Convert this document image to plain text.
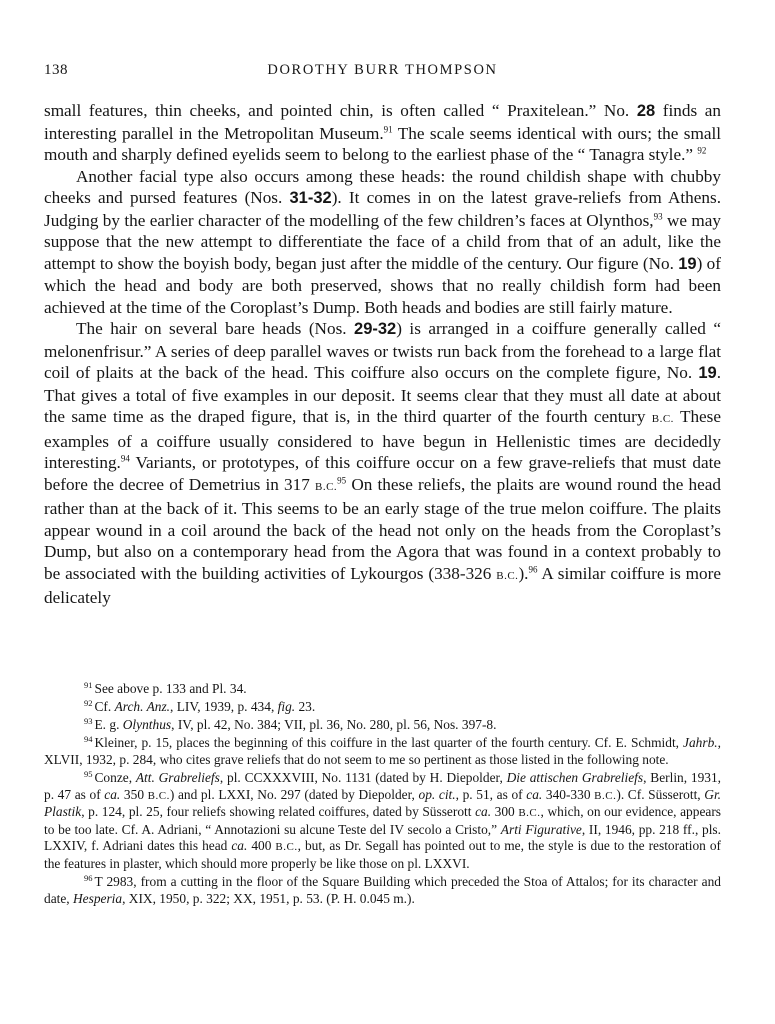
138	DOROTHY BURR THOMPSON

small features, thin cheeks, and pointed chin, is often called “ Praxitelean.” No. 28 finds an interesting parallel in the Metropolitan Museum.$^{91}$ The scale seems identical with ours; the small mouth and sharply defined eyelids seem to belong to the earliest phase of the “ Tanagra style.” $^{92}$

Another facial type also occurs among these heads: the round childish shape with chubby cheeks and pursed features (Nos. 31-32). It comes in on the latest grave-reliefs from Athens. Judging by the earlier character of the modelling of the few children’s faces at Olynthos,$^{93}$ we may suppose that the new attempt to differentiate the face of a child from that of an adult, like the attempt to show the boyish body, began just after the middle of the century. Our figure (No. 19) of which the head and body are both preserved, shows that no really childish form had been achieved at the time of the Coroplast’s Dump. Both heads and bodies are still fairly mature.

The hair on several bare heads (Nos. 29-32) is arranged in a coiffure generally called “ melonenfrisur.” A series of deep parallel waves or twists run back from the forehead to a large flat coil of plaits at the back of the head. This coiffure also occurs on the complete figure, No. 19. That gives a total of five examples in our deposit. It seems clear that they must all date at about the same time as the draped figure, that is, in the third quarter of the fourth century B.C. These examples of a coiffure usually considered to have begun in Hellenistic times are decidedly interesting.$^{94}$ Variants, or prototypes, of this coiffure occur on a few grave-reliefs that must date before the decree of Demetrius in 317 B.C.$^{95}$ On these reliefs, the plaits are wound round the head rather than at the back of it. This seems to be an early stage of the true melon coiffure. The plaits appear wound in a coil around the back of the head not only on the heads from the Coroplast’s Dump, but also on a contemporary head from the Agora that was found in a context probably to be associated with the building activities of Lykourgos (338-326 B.C.).$^{96}$ A similar coiffure is more delicately

$^{91}$ See above p. 133 and Pl. 34.

$^{92}$ Cf. Arch. Anz., LIV, 1939, p. 434, fig. 23.

$^{93}$ E. g. Olynthus, IV, pl. 42, No. 384; VII, pl. 36, No. 280, pl. 56, Nos. 397-8.

$^{94}$ Kleiner, p. 15, places the beginning of this coiffure in the last quarter of the fourth century. Cf. E. Schmidt, Jahrb., XLVII, 1932, p. 284, who cites grave reliefs that do not seem to me so pertinent as those listed in the following note.

$^{95}$ Conze, Att. Grabreliefs, pl. CCXXXVIII, No. 1131 (dated by H. Diepolder, Die attischen Grabreliefs, Berlin, 1931, p. 47 as of ca. 350 B.C.) and pl. LXXI, No. 297 (dated by Diepolder, op. cit., p. 51, as of ca. 340-330 B.C.). Cf. Süsserott, Gr. Plastik, p. 124, pl. 25, four reliefs showing related coiffures, dated by Süsserott ca. 300 B.C., which, on our evidence, appears to be too late. Cf. A. Adriani, “ Annotazioni su alcune Teste del IV secolo a Cristo,” Arti Figurative, II, 1946, pp. 218 ff., pls. LXXIV, f. Adriani dates this head ca. 400 B.C., but, as Dr. Segall has pointed out to me, the style is due to the restoration of the features in plaster, which should more properly be like those on pl. LXXVI.

$^{96}$ T 2983, from a cutting in the floor of the Square Building which preceded the Stoa of Attalos; for its character and date, Hesperia, XIX, 1950, p. 322; XX, 1951, p. 53. (P. H. 0.045 m.).
